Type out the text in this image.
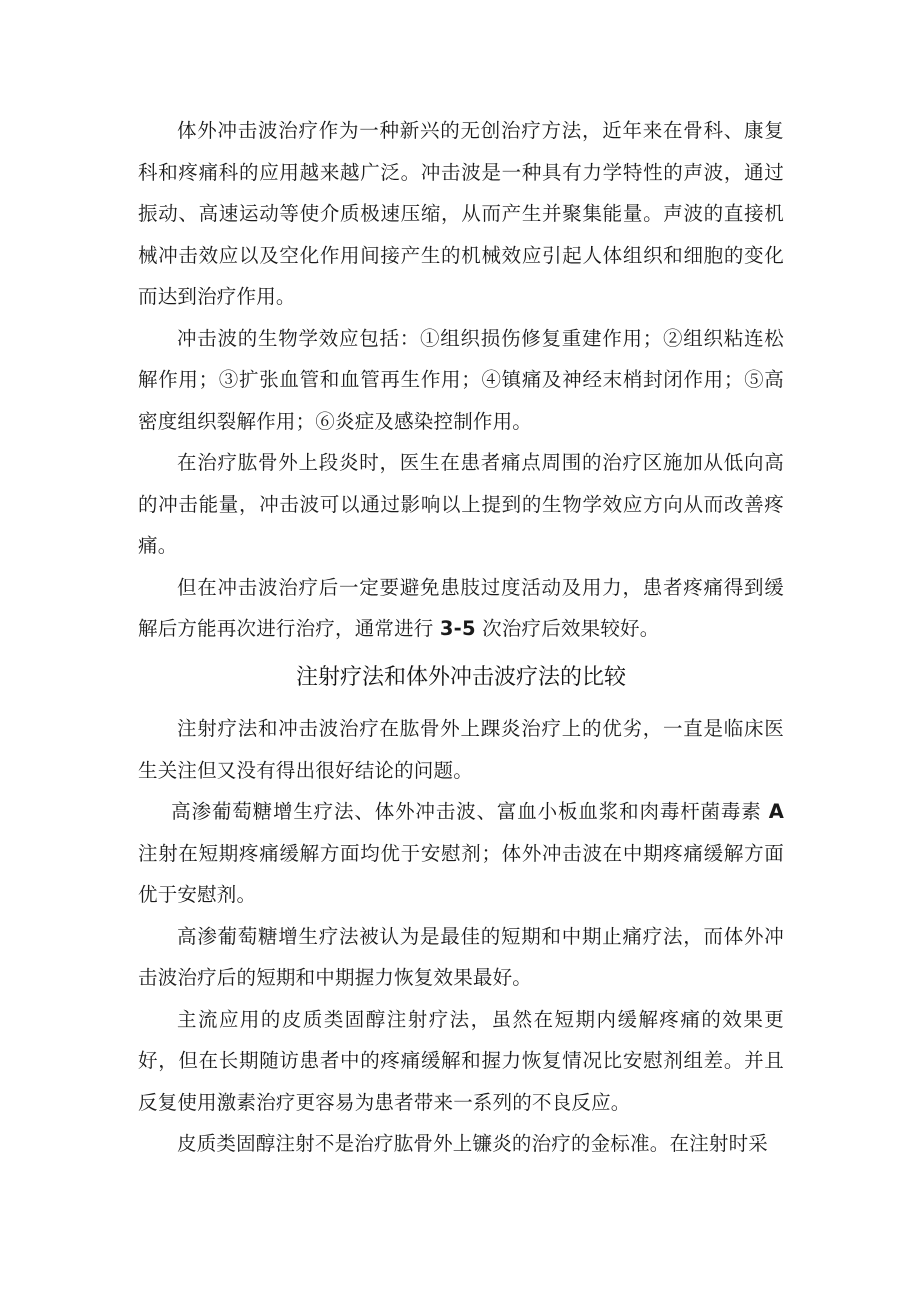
体外冲击波治疗作为一种新兴的无创治疗方法，近年来在骨科、康复科和疼痛科的应用越来越广泛。冲击波是一种具有力学特性的声波，通过振动、高速运动等使介质极速压缩，从而产生并聚集能量。声波的直接机械冲击效应以及空化作用间接产生的机械效应引起人体组织和细胞的变化而达到治疗作用。

冲击波的生物学效应包括：①组织损伤修复重建作用；②组织粘连松解作用；③扩张血管和血管再生作用；④镇痛及神经末梢封闭作用；⑤高密度组织裂解作用；⑥炎症及感染控制作用。

在治疗肱骨外上段炎时，医生在患者痛点周围的治疗区施加从低向高的冲击能量，冲击波可以通过影响以上提到的生物学效应方向从而改善疼痛。

但在冲击波治疗后一定要避免患肢过度活动及用力，患者疼痛得到缓解后方能再次进行治疗，通常进行 3-5 次治疗后效果较好。

注射疗法和体外冲击波疗法的比较

注射疗法和冲击波治疗在肱骨外上踝炎治疗上的优劣，一直是临床医生关注但又没有得出很好结论的问题。

高渗葡萄糖增生疗法、体外冲击波、富血小板血浆和肉毒杆菌毒素 A 注射在短期疼痛缓解方面均优于安慰剂；体外冲击波在中期疼痛缓解方面优于安慰剂。

高渗葡萄糖增生疗法被认为是最佳的短期和中期止痛疗法，而体外冲击波治疗后的短期和中期握力恢复效果最好。

主流应用的皮质类固醇注射疗法，虽然在短期内缓解疼痛的效果更好，但在长期随访患者中的疼痛缓解和握力恢复情况比安慰剂组差。并且反复使用激素治疗更容易为患者带来一系列的不良反应。

皮质类固醇注射不是治疗肱骨外上镰炎的治疗的金标准。在注射时采
